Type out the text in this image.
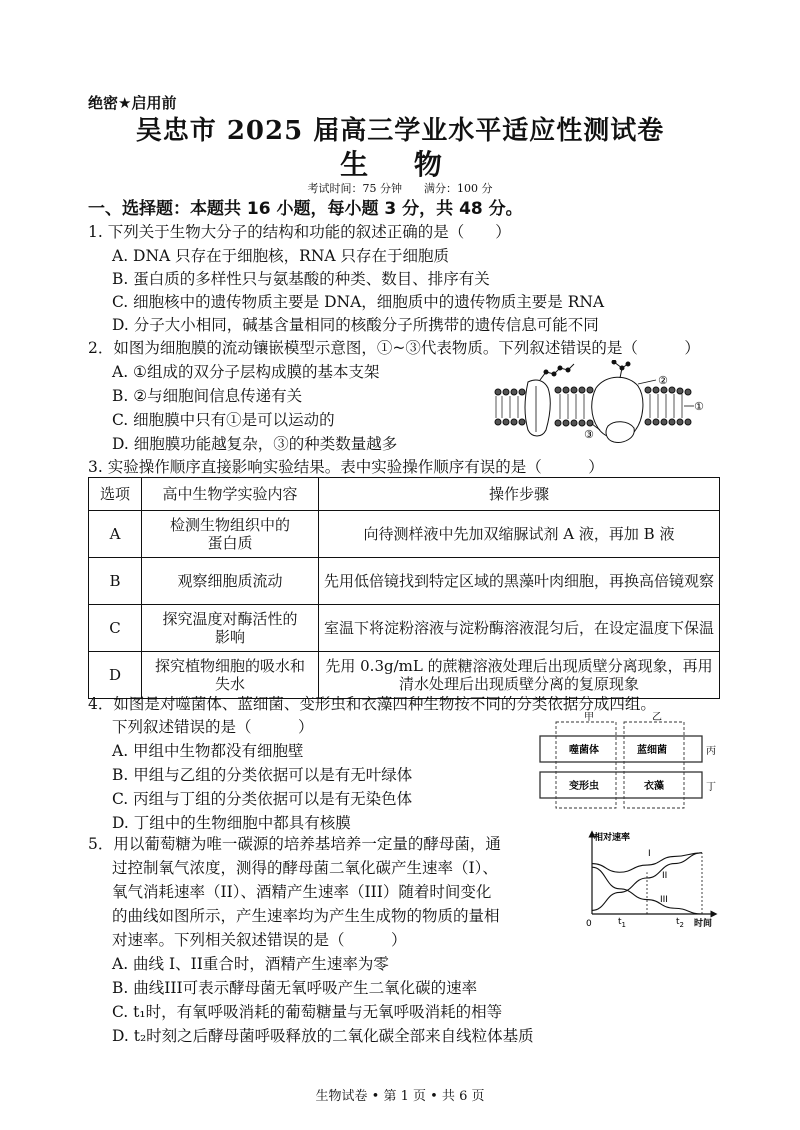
绝密★启用前
吴忠市 2025 届高三学业水平适应性测试卷
生 物
考试时间：75 分钟　　满分：100 分
一、选择题：本题共 16 小题，每小题 3 分，共 48 分。
1. 下列关于生物大分子的结构和功能的叙述正确的是（　　）
A. DNA 只存在于细胞核，RNA 只存在于细胞质
B. 蛋白质的多样性只与氨基酸的种类、数目、排序有关
C. 细胞核中的遗传物质主要是 DNA，细胞质中的遗传物质主要是 RNA
D. 分子大小相同，碱基含量相同的核酸分子所携带的遗传信息可能不同
2．如图为细胞膜的流动镶嵌模型示意图，①~③代表物质。下列叙述错误的是（　　　）
A. ①组成的双分子层构成膜的基本支架
B. ②与细胞间信息传递有关
C. 细胞膜中只有①是可以运动的
D. 细胞膜功能越复杂，③的种类数量越多
②
①
③
3. 实验操作顺序直接影响实验结果。表中实验操作顺序有误的是（　　　）
选项	高中生物学实验内容	操作步骤
A	检测生物组织中的蛋白质	向待测样液中先加双缩脲试剂 A 液，再加 B 液
B	观察细胞质流动	先用低倍镜找到特定区域的黑藻叶肉细胞，再换高倍镜观察
C	探究温度对酶活性的影响	室温下将淀粉溶液与淀粉酶溶液混匀后，在设定温度下保温
D	探究植物细胞的吸水和失水	先用 0.3g/mL 的蔗糖溶液处理后出现质壁分离现象，再用清水处理后出现质壁分离的复原现象
4．如图是对噬菌体、蓝细菌、变形虫和衣藻四种生物按不同的分类依据分成四组。
下列叙述错误的是（　　　）
A. 甲组中生物都没有细胞壁
B. 甲组与乙组的分类依据可以是有无叶绿体
C. 丙组与丁组的分类依据可以是有无染色体
D. 丁组中的生物细胞中都具有核膜
甲	乙
丙
丁
噬菌体	蓝细菌
变形虫	衣藻
5．用以葡萄糖为唯一碳源的培养基培养一定量的酵母菌，通
过控制氧气浓度，测得的酵母菌二氧化碳产生速率（I）、
氧气消耗速率（II）、酒精产生速率（III）随着时间变化
的曲线如图所示，产生速率均为产生生成物的物质的量相
对速率。下列相关叙述错误的是（　　　）
A. 曲线 I、II重合时，酒精产生速率为零
B. 曲线III可表示酵母菌无氧呼吸产生二氧化碳的速率
C. t₁时，有氧呼吸消耗的葡萄糖量与无氧呼吸消耗的相等
D. t₂时刻之后酵母菌呼吸释放的二氧化碳全部来自线粒体基质
相对速率
时间
0	$t_1$	$t_2$
I
II
III
生物试卷 • 第 1 页 • 共 6 页
